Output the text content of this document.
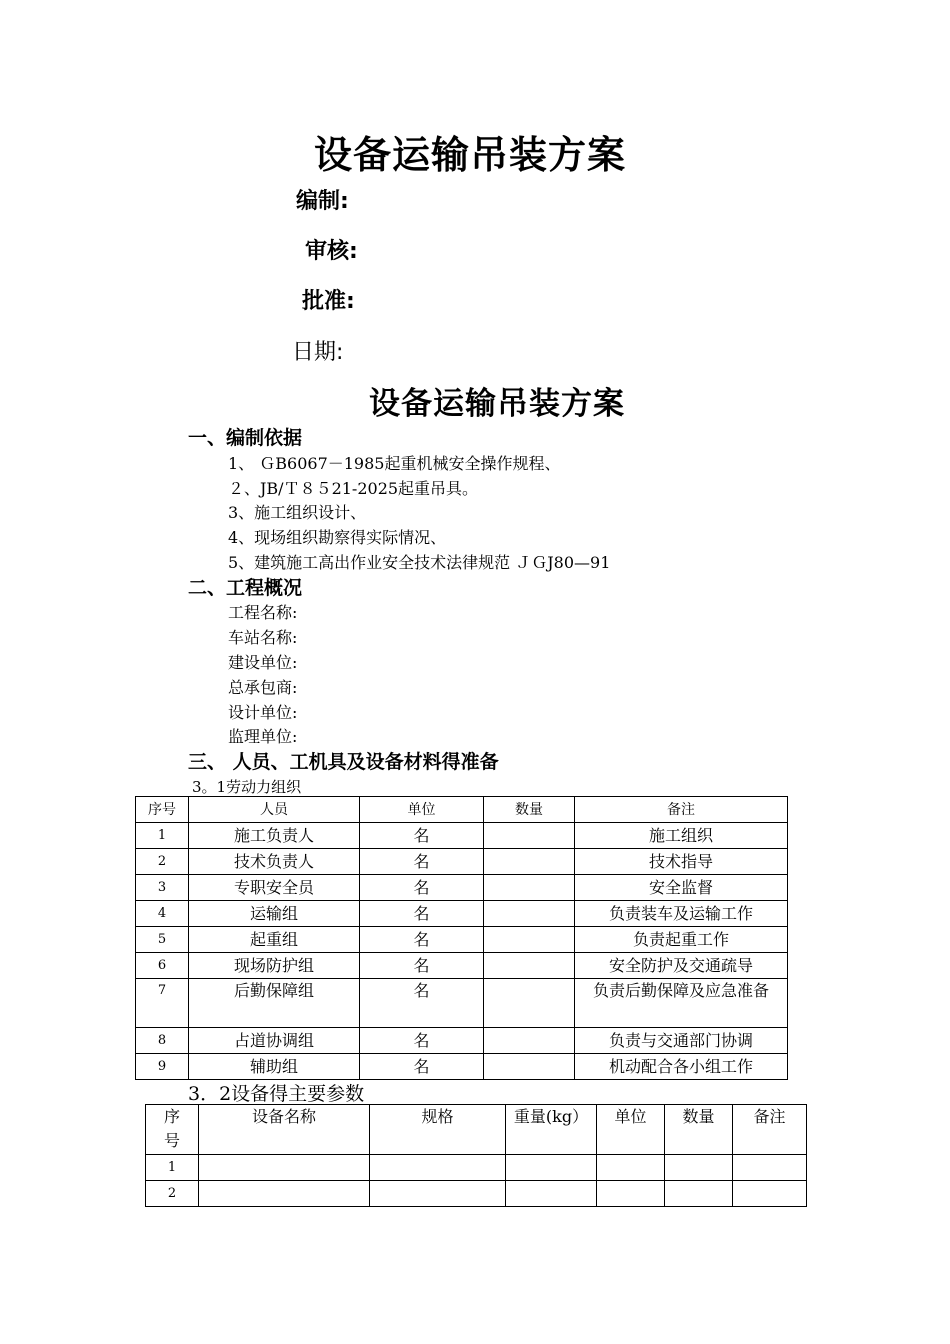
设备运输吊装方案
编制:
审核:
批准:
日期:
设备运输吊装方案
一、编制依据
1、 ＧB6067－1985起重机械安全操作规程、
２、JB/Ｔ８５21-2025起重吊具。
3、施工组织设计、
4、现场组织勘察得实际情况、
5、建筑施工高出作业安全技术法律规范 ＪＧJ80—91
二、工程概况
工程名称:
车站名称:
建设单位:
总承包商:
设计单位:
监理单位:
三、 人员、工机具及设备材料得准备
3。1劳动力组织
序号	人员	单位	数量	备注
1	施工负责人	名		施工组织
2	技术负责人	名		技术指导
3	专职安全员	名		安全监督
4	运输组	名		负责装车及运输工作
5	起重组	名		负责起重工作
6	现场防护组	名		安全防护及交通疏导
7	后勤保障组	名		负责后勤保障及应急准备
8	占道协调组	名		负责与交通部门协调
9	辅助组	名		机动配合各小组工作
3．2设备得主要参数
序号	设备名称	规格	重量(kg）	单位	数量	备注
1						
2						
